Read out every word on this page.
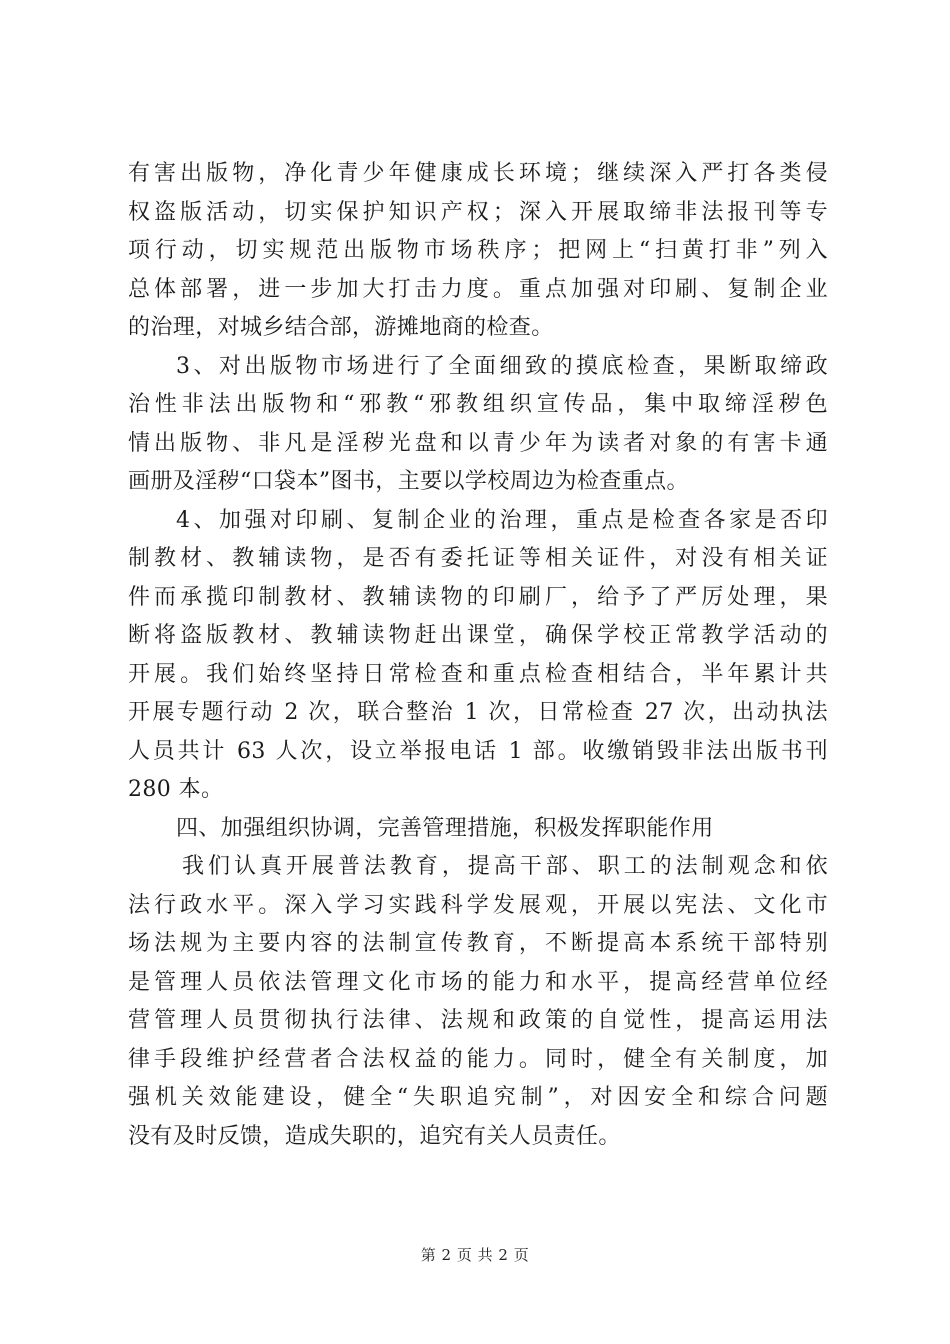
有害出版物，净化青少年健康成长环境；继续深入严打各类侵
权盗版活动，切实保护知识产权；深入开展取缔非法报刊等专
项行动，切实规范出版物市场秩序；把网上“扫黄打非”列入
总体部署，进一步加大打击力度。重点加强对印刷、复制企业
的治理，对城乡结合部，游摊地商的检查。
3、对出版物市场进行了全面细致的摸底检查，果断取缔政
治性非法出版物和“邪教“邪教组织宣传品，集中取缔淫秽色
情出版物、非凡是淫秽光盘和以青少年为读者对象的有害卡通
画册及淫秽“口袋本”图书，主要以学校周边为检查重点。
4、加强对印刷、复制企业的治理，重点是检查各家是否印
制教材、教辅读物，是否有委托证等相关证件，对没有相关证
件而承揽印制教材、教辅读物的印刷厂，给予了严厉处理，果
断将盗版教材、教辅读物赶出课堂，确保学校正常教学活动的
开展。我们始终坚持日常检查和重点检查相结合，半年累计共
开展专题行动 2 次，联合整治 1 次，日常检查 27 次，出动执法
人员共计 63 人次，设立举报电话 1 部。收缴销毁非法出版书刊
280 本。
四、加强组织协调，完善管理措施，积极发挥职能作用
我们认真开展普法教育，提高干部、职工的法制观念和依
法行政水平。深入学习实践科学发展观，开展以宪法、文化市
场法规为主要内容的法制宣传教育，不断提高本系统干部特别
是管理人员依法管理文化市场的能力和水平，提高经营单位经
营管理人员贯彻执行法律、法规和政策的自觉性，提高运用法
律手段维护经营者合法权益的能力。同时，健全有关制度，加
强机关效能建设，健全“失职追究制”，对因安全和综合问题
没有及时反馈，造成失职的，追究有关人员责任。
第 2 页 共 2 页
